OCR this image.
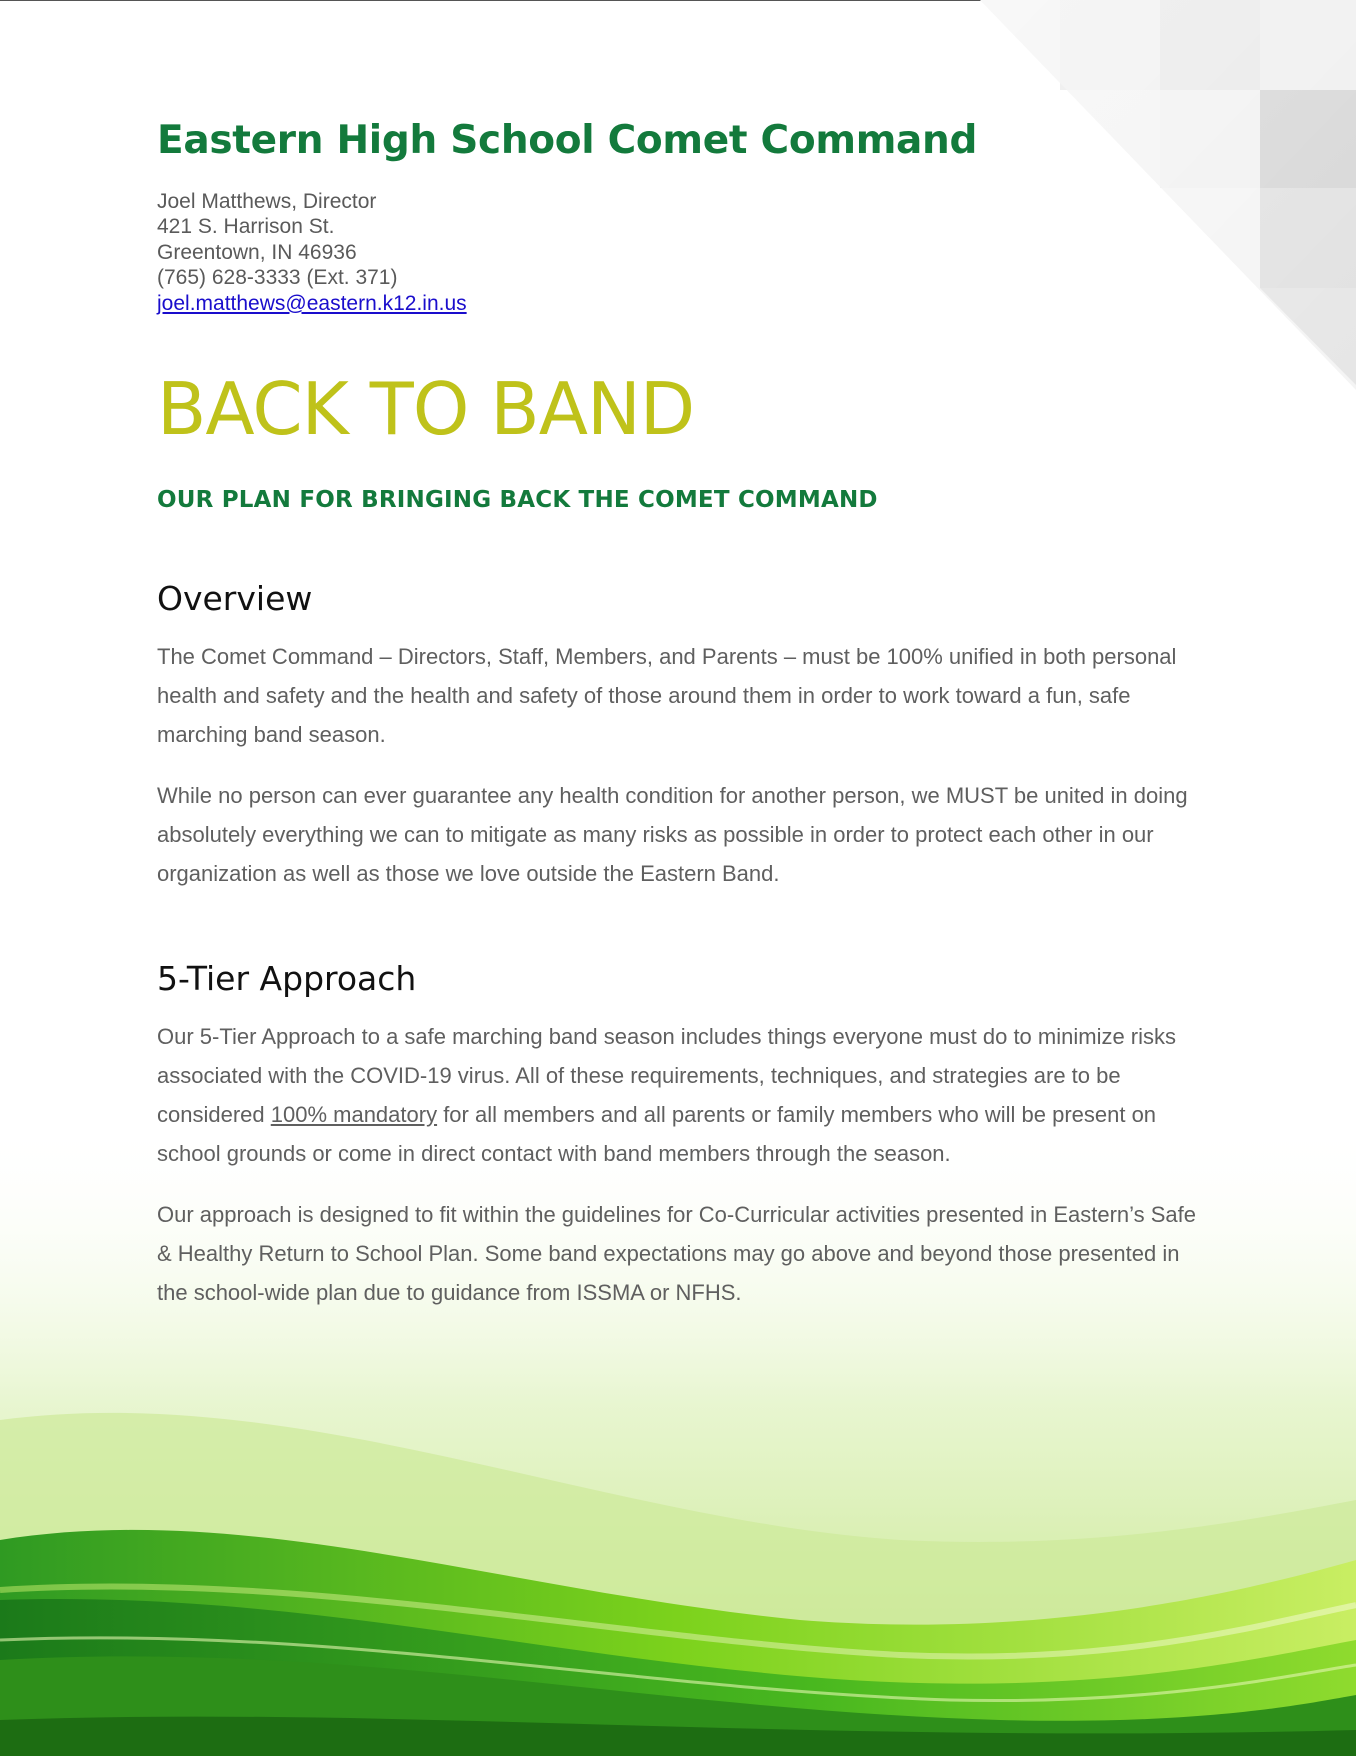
Eastern High School Comet Command
Joel Matthews, Director
421 S. Harrison St.
Greentown, IN 46936
(765) 628-3333 (Ext. 371)
joel.matthews@eastern.k12.in.us
BACK TO BAND
OUR PLAN FOR BRINGING BACK THE COMET COMMAND
Overview

The Comet Command – Directors, Staff, Members, and Parents – must be 100% unified in both personal health and safety and the health and safety of those around them in order to work toward a fun, safe marching band season.

While no person can ever guarantee any health condition for another person, we MUST be united in doing absolutely everything we can to mitigate as many risks as possible in order to protect each other in our organization as well as those we love outside the Eastern Band.

5-Tier Approach

Our 5-Tier Approach to a safe marching band season includes things everyone must do to minimize risks associated with the COVID-19 virus. All of these requirements, techniques, and strategies are to be considered 100% mandatory for all members and all parents or family members who will be present on school grounds or come in direct contact with band members through the season.

Our approach is designed to fit within the guidelines for Co-Curricular activities presented in Eastern’s Safe & Healthy Return to School Plan. Some band expectations may go above and beyond those presented in the school-wide plan due to guidance from ISSMA or NFHS.
